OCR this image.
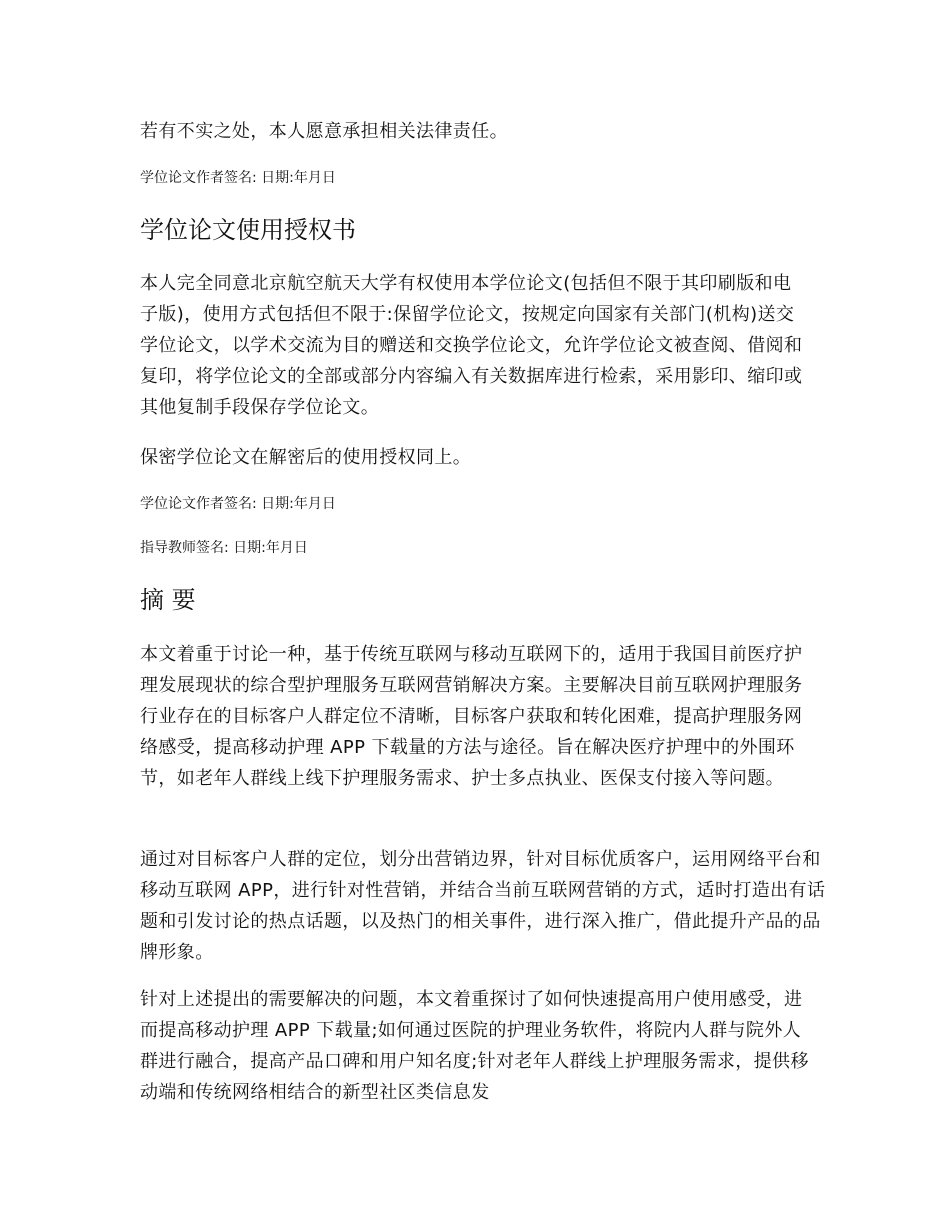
若有不实之处，本人愿意承担相关法律责任。

学位论文作者签名: 日期:年月日

学位论文使用授权书

本人完全同意北京航空航天大学有权使用本学位论文(包括但不限于其印刷版和电子版)，使用方式包括但不限于:保留学位论文，按规定向国家有关部门(机构)送交学位论文，以学术交流为目的赠送和交换学位论文，允许学位论文被查阅、借阅和复印，将学位论文的全部或部分内容编入有关数据库进行检索，采用影印、缩印或其他复制手段保存学位论文。

保密学位论文在解密后的使用授权同上。

学位论文作者签名: 日期:年月日

指导教师签名: 日期:年月日

摘 要

本文着重于讨论一种，基于传统互联网与移动互联网下的，适用于我国目前医疗护理发展现状的综合型护理服务互联网营销解决方案。主要解决目前互联网护理服务行业存在的目标客户人群定位不清晰，目标客户获取和转化困难，提高护理服务网络感受，提高移动护理 APP 下载量的方法与途径。旨在解决医疗护理中的外围环节，如老年人群线上线下护理服务需求、护士多点执业、医保支付接入等问题。

通过对目标客户人群的定位，划分出营销边界，针对目标优质客户，运用网络平台和移动互联网 APP，进行针对性营销，并结合当前互联网营销的方式，适时打造出有话题和引发讨论的热点话题，以及热门的相关事件，进行深入推广，借此提升产品的品牌形象。

针对上述提出的需要解决的问题，本文着重探讨了如何快速提高用户使用感受，进而提高移动护理 APP 下载量;如何通过医院的护理业务软件，将院内人群与院外人群进行融合，提高产品口碑和用户知名度;针对老年人群线上护理服务需求，提供移动端和传统网络相结合的新型社区类信息发
